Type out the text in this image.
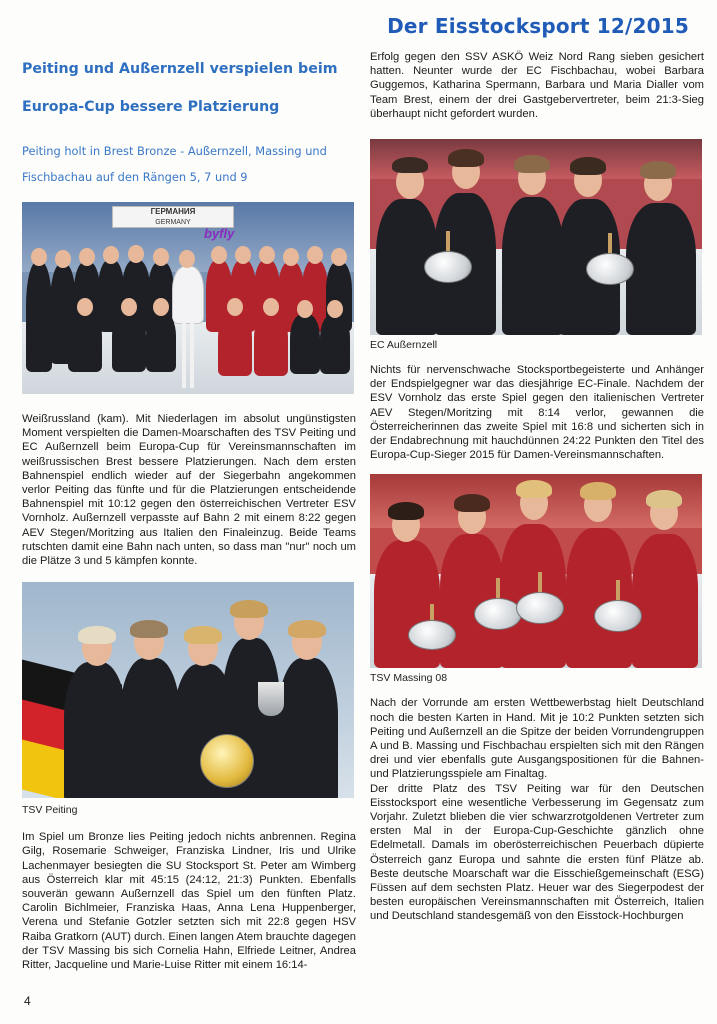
Der Eisstocksport 12/2015
Peiting und Außernzell verspielen beim
Europa-Cup bessere Platzierung

Peiting holt in Brest Bronze - Außernzell, Massing und
Fischbachau auf den Rängen 5, 7 und 9

ГЕРМАНИЯ
GERMANY
byfly

Weißrussland (kam). Mit Niederlagen im absolut ungünstigsten Moment verspielten die Damen-Moarschaften des TSV Peiting und EC Außernzell beim Europa-Cup für Vereinsmannschaften im weißrussischen Brest bessere Platzierungen. Nach dem ersten Bahnenspiel endlich wieder auf der Siegerbahn angekommen verlor Peiting das fünfte und für die Platzierungen entscheidende Bahnenspiel mit 10:12 gegen den österreichischen Vertreter ESV Vornholz. Außernzell verpasste auf Bahn 2 mit einem 8:22 gegen AEV Stegen/Moritzing aus Italien den Finaleinzug. Beide Teams rutschten damit eine Bahn nach unten, so dass man "nur" noch um die Plätze 3 und 5 kämpfen konnte.

TSV Peiting

Im Spiel um Bronze lies Peiting jedoch nichts anbrennen. Regina Gilg, Rosemarie Schweiger, Franziska Lindner, Iris und Ulrike Lachenmayer besiegten die SU Stocksport St. Peter am Wimberg aus Österreich klar mit 45:15 (24:12, 21:3) Punkten. Ebenfalls souverän gewann Außernzell das Spiel um den fünften Platz. Carolin Bichlmeier, Franziska Haas, Anna Lena Huppenberger, Verena und Stefanie Gotzler setzten sich mit 22:8 gegen HSV Raiba Gratkorn (AUT) durch. Einen langen Atem brauchte dagegen der TSV Massing bis sich Cornelia Hahn, Elfriede Leitner, Andrea Ritter, Jacqueline und Marie-Luise Ritter mit einem 16:14-

Erfolg gegen den SSV ASKÖ Weiz Nord Rang sieben gesichert hatten. Neunter wurde der EC Fischbachau, wobei Barbara Guggemos, Katharina Spermann, Barbara und Maria Dialler vom Team Brest, einem der drei Gastgebervertreter, beim 21:3-Sieg überhaupt nicht gefordert wurden.

EC Außernzell

Nichts für nervenschwache Stocksportbegeisterte und Anhänger der Endspielgegner war das diesjährige EC-Finale. Nachdem der ESV Vornholz das erste Spiel gegen den italienischen Vertreter AEV Stegen/Moritzing mit 8:14 verlor, gewannen die Österreicherinnen das zweite Spiel mit 16:8 und sicherten sich in der Endabrechnung mit hauchdünnen 24:22 Punkten den Titel des Europa-Cup-Sieger 2015 für Damen-Vereinsmannschaften.

TSV Massing 08

Nach der Vorrunde am ersten Wettbewerbstag hielt Deutschland noch die besten Karten in Hand. Mit je 10:2 Punkten setzten sich Peiting und Außernzell an die Spitze der beiden Vorrundengruppen A und B. Massing und Fischbachau erspielten sich mit den Rängen drei und vier ebenfalls gute Ausgangspositionen für die Bahnen- und Platzierungsspiele am Finaltag.

Der dritte Platz des TSV Peiting war für den Deutschen Eisstocksport eine wesentliche Verbesserung im Gegensatz zum Vorjahr. Zuletzt blieben die vier schwarzrotgoldenen Vertreter zum ersten Mal in der Europa-Cup-Geschichte gänzlich ohne Edelmetall. Damals im oberösterreichischen Peuerbach düpierte Österreich ganz Europa und sahnte die ersten fünf Plätze ab. Beste deutsche Moarschaft war die Eisschießgemeinschaft (ESG) Füssen auf dem sechsten Platz. Heuer war des Siegerpodest der besten europäischen Vereinsmannschaften mit Österreich, Italien und Deutschland standesgemäß von den Eisstock-Hochburgen

4
